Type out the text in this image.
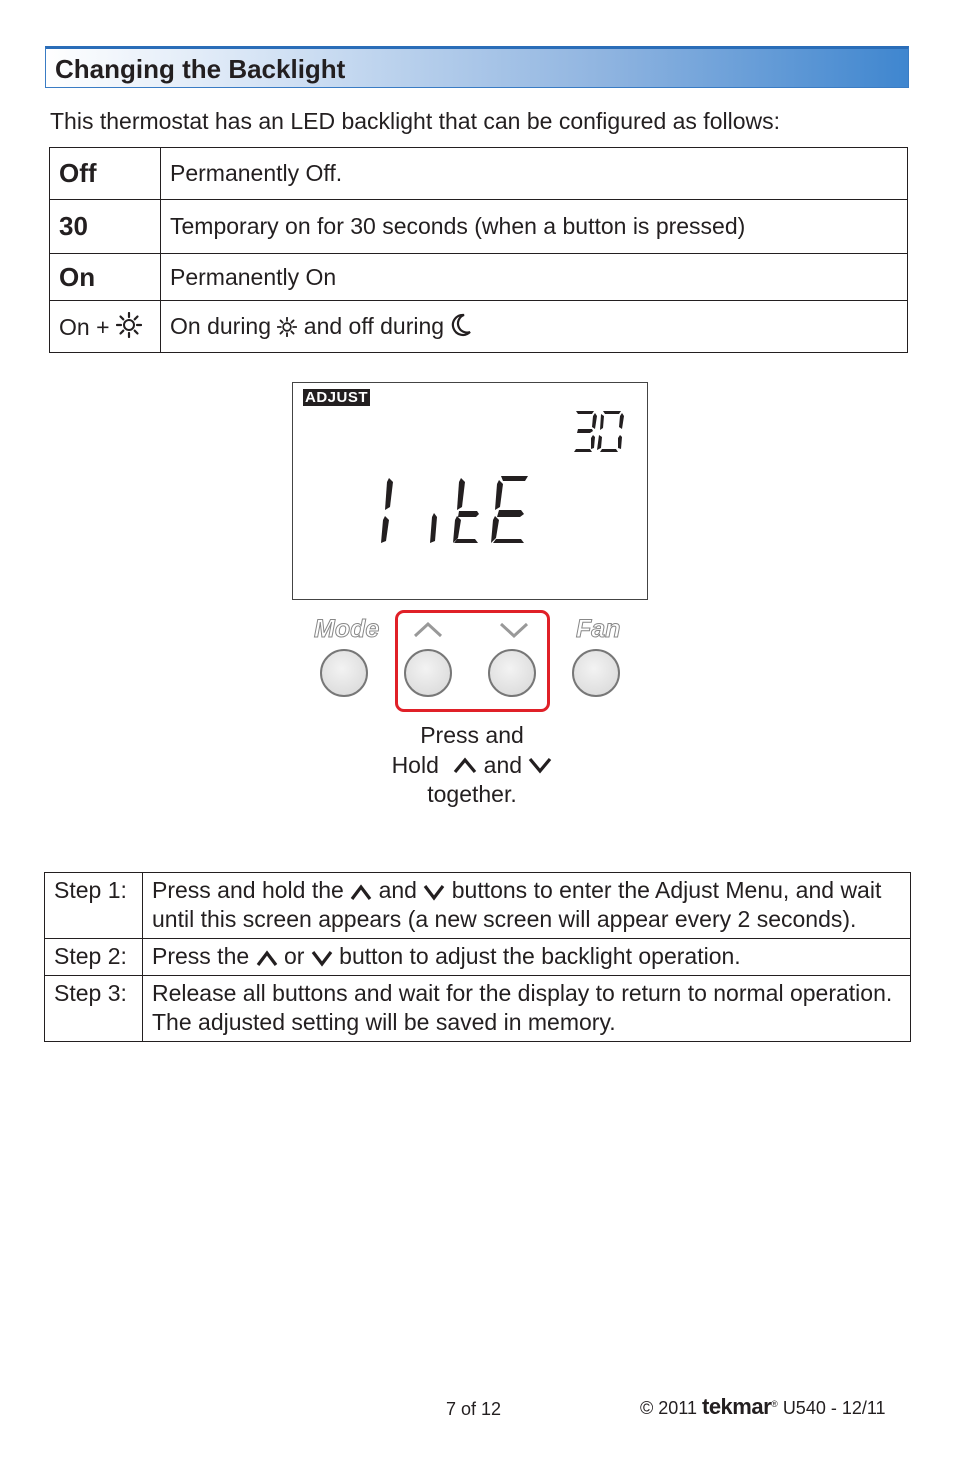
Changing the Backlight
This thermostat has an LED backlight that can be configured as follows:
Off	Permanently Off.
30	Temporary on for 30 seconds (when a button is pressed)
On	Permanently On
On +	On during and off during
ADJUST
Mode	Fan
Press and
Hold and
together.
Step 1:	Press and hold the and buttons to enter the Adjust Menu, and wait until this screen appears (a new screen will appear every 2 seconds).
Step 2:	Press the or button to adjust the backlight operation.
Step 3:	Release all buttons and wait for the display to return to normal operation. The adjusted setting will be saved in memory.
7 of 12	© 2011 tekmar® U540 - 12/11
